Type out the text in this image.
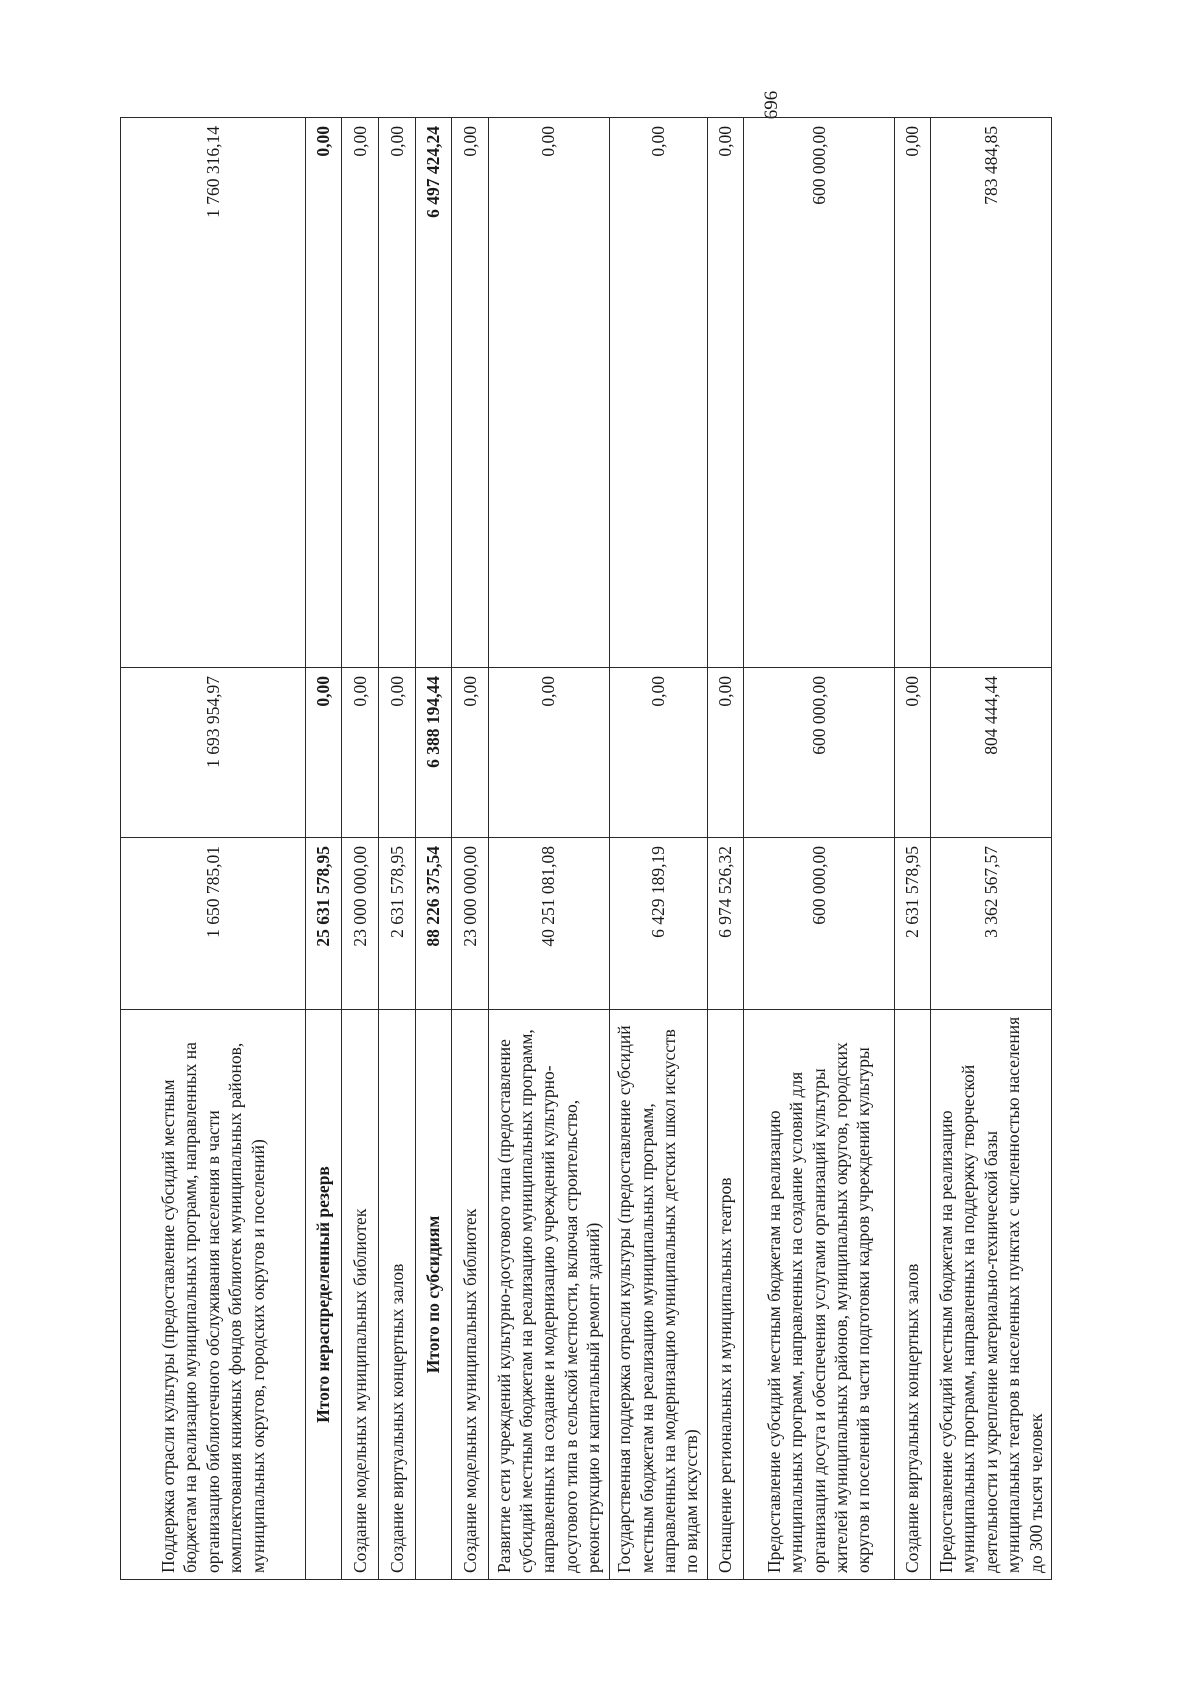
696
Поддержка отрасли культуры (предоставление субсидий местным бюджетам на реализацию муниципальных программ, направленных на организацию библиотечного обслуживания населения в части комплектования книжных фондов библиотек муниципальных районов, муниципальных округов, городских округов и поселений)	1 650 785,01	1 693 954,97	1 760 316,14
Итого нераспределенный резерв	25 631 578,95	0,00	0,00
Создание модельных муниципальных библиотек	23 000 000,00	0,00	0,00
Создание виртуальных концертных залов	2 631 578,95	0,00	0,00
Итого по субсидиям	88 226 375,54	6 388 194,44	6 497 424,24
Создание модельных муниципальных библиотек	23 000 000,00	0,00	0,00
Развитие сети учреждений культурно-досугового типа (предоставление субсидий местным бюджетам на реализацию муниципальных программ, направленных на создание и модернизацию учреждений культурно-досугового типа в сельской местности, включая строительство, реконструкцию и капитальный ремонт зданий)	40 251 081,08	0,00	0,00
Государственная поддержка отрасли культуры (предоставление субсидий местным бюджетам на реализацию муниципальных программ, направленных на модернизацию муниципальных детских школ искусств по видам искусств)	6 429 189,19	0,00	0,00
Оснащение региональных и муниципальных театров	6 974 526,32	0,00	0,00
Предоставление субсидий местным бюджетам на реализацию муниципальных программ, направленных на создание условий для организации досуга и обеспечения услугами организаций культуры жителей муниципальных районов, муниципальных округов, городских округов и поселений в части подготовки кадров учреждений культуры	600 000,00	600 000,00	600 000,00
Создание виртуальных концертных залов	2 631 578,95	0,00	0,00
Предоставление субсидий местным бюджетам на реализацию муниципальных программ, направленных на поддержку творческой деятельности и укрепление материально-технической базы муниципальных театров в населенных пунктах с численностью населения до 300 тысяч человек	3 362 567,57	804 444,44	783 484,85
